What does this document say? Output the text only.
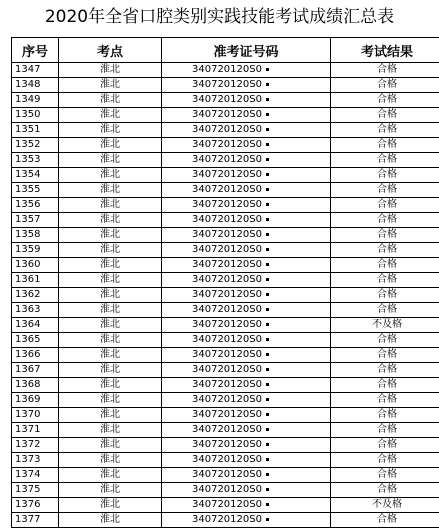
2020年全省口腔类别实践技能考试成绩汇总表
序号	考点	准考证号码	考试结果
1347	淮北	340720120S0	合格
1348	淮北	340720120S0	合格
1349	淮北	340720120S0	合格
1350	淮北	340720120S0	合格
1351	淮北	340720120S0	合格
1352	淮北	340720120S0	合格
1353	淮北	340720120S0	合格
1354	淮北	340720120S0	合格
1355	淮北	340720120S0	合格
1356	淮北	340720120S0	合格
1357	淮北	340720120S0	合格
1358	淮北	340720120S0	合格
1359	淮北	340720120S0	合格
1360	淮北	340720120S0	合格
1361	淮北	340720120S0	合格
1362	淮北	340720120S0	合格
1363	淮北	340720120S0	合格
1364	淮北	340720120S0	不及格
1365	淮北	340720120S0	合格
1366	淮北	340720120S0	合格
1367	淮北	340720120S0	合格
1368	淮北	340720120S0	合格
1369	淮北	340720120S0	合格
1370	淮北	340720120S0	合格
1371	淮北	340720120S0	合格
1372	淮北	340720120S0	合格
1373	淮北	340720120S0	合格
1374	淮北	340720120S0	合格
1375	淮北	340720120S0	合格
1376	淮北	340720120S0	不及格
1377	淮北	340720120S0	合格
